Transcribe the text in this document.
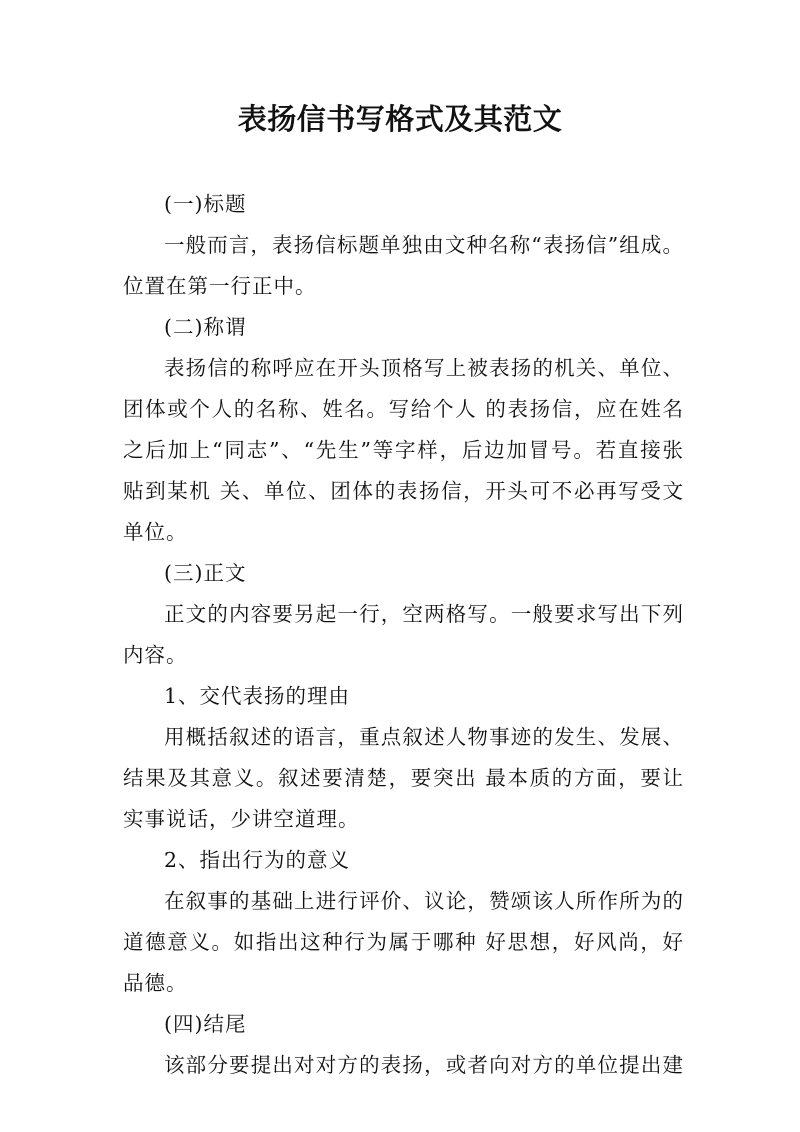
表扬信书写格式及其范文
(一)标题
一般而言，表扬信标题单独由文种名称“表扬信”组成。
位置在第一行正中。
(二)称谓
表扬信的称呼应在开头顶格写上被表扬的机关、单位、
团体或个人的名称、姓名。写给个人 的表扬信，应在姓名
之后加上“同志”、“先生”等字样，后边加冒号。若直接张
贴到某机 关、单位、团体的表扬信，开头可不必再写受文
单位。
(三)正文
正文的内容要另起一行，空两格写。一般要求写出下列
内容。
1、交代表扬的理由
用概括叙述的语言，重点叙述人物事迹的发生、发展、
结果及其意义。叙述要清楚，要突出 最本质的方面，要让
实事说话，少讲空道理。
2、指出行为的意义
在叙事的基础上进行评价、议论，赞颂该人所作所为的
道德意义。如指出这种行为属于哪种 好思想，好风尚，好
品德。
(四)结尾
该部分要提出对对方的表扬，或者向对方的单位提出建
